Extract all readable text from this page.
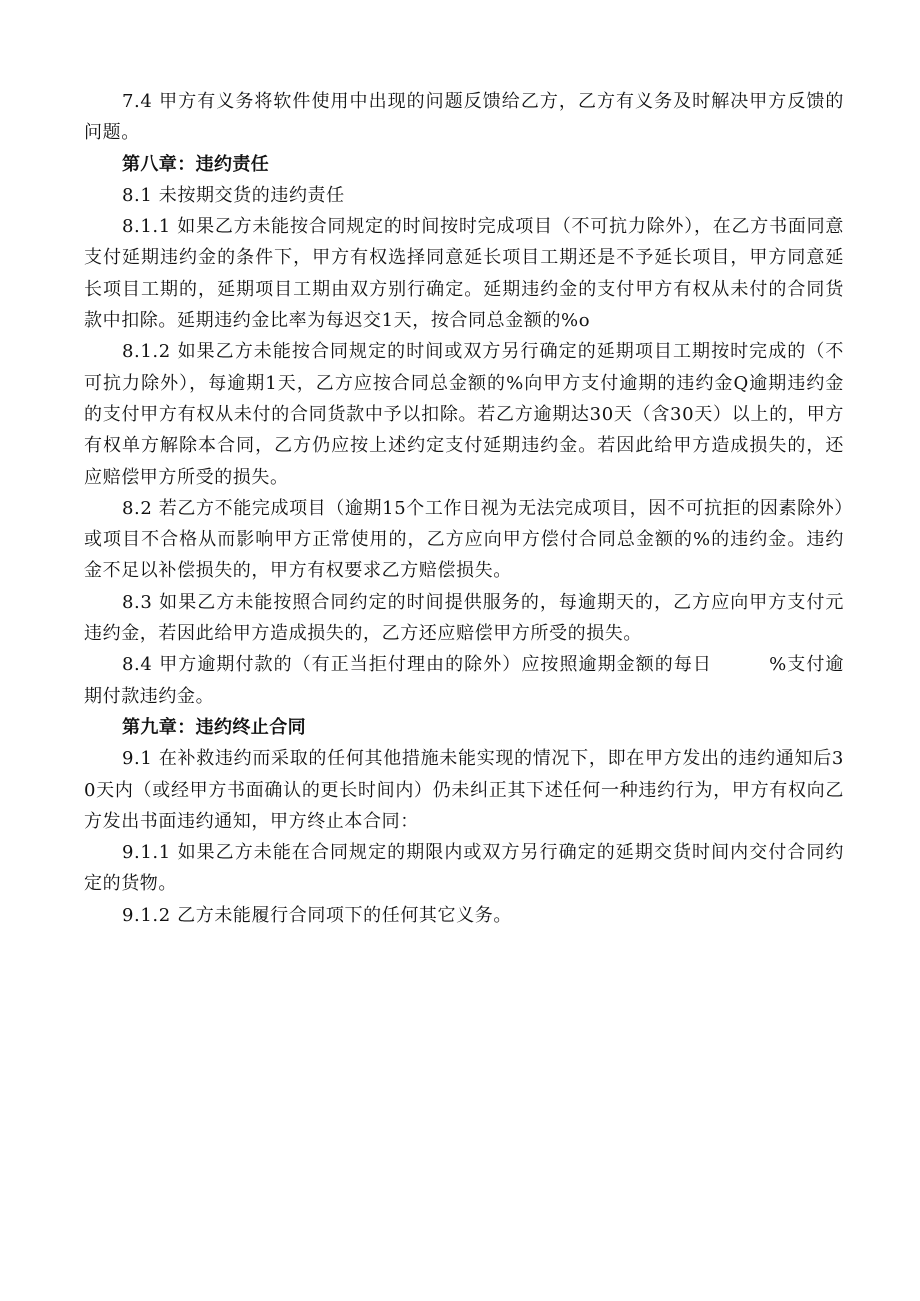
7.4 甲方有义务将软件使用中出现的问题反馈给乙方，乙方有义务及时解决甲方反馈的问题。

第八章：违约责任

8.1 未按期交货的违约责任

8.1.1 如果乙方未能按合同规定的时间按时完成项目（不可抗力除外），在乙方书面同意支付延期违约金的条件下，甲方有权选择同意延长项目工期还是不予延长项目，甲方同意延长项目工期的，延期项目工期由双方别行确定。延期违约金的支付甲方有权从未付的合同货款中扣除。延期违约金比率为每迟交1天，按合同总金额的%o

8.1.2 如果乙方未能按合同规定的时间或双方另行确定的延期项目工期按时完成的（不可抗力除外），每逾期1天，乙方应按合同总金额的%向甲方支付逾期的违约金Q逾期违约金的支付甲方有权从未付的合同货款中予以扣除。若乙方逾期达30天（含30天）以上的，甲方有权单方解除本合同，乙方仍应按上述约定支付延期违约金。若因此给甲方造成损失的，还应赔偿甲方所受的损失。

8.2 若乙方不能完成项目（逾期15个工作日视为无法完成项目，因不可抗拒的因素除外）或项目不合格从而影响甲方正常使用的，乙方应向甲方偿付合同总金额的%的违约金。违约金不足以补偿损失的，甲方有权要求乙方赔偿损失。

8.3 如果乙方未能按照合同约定的时间提供服务的，每逾期天的，乙方应向甲方支付元违约金，若因此给甲方造成损失的，乙方还应赔偿甲方所受的损失。

8.4 甲方逾期付款的（有正当拒付理由的除外）应按照逾期金额的每日　　　%支付逾期付款违约金。

第九章：违约终止合同

9.1 在补救违约而采取的任何其他措施未能实现的情况下，即在甲方发出的违约通知后30天内（或经甲方书面确认的更长时间内）仍未纠正其下述任何一种违约行为，甲方有权向乙方发出书面违约通知，甲方终止本合同：

9.1.1 如果乙方未能在合同规定的期限内或双方另行确定的延期交货时间内交付合同约定的货物。

9.1.2 乙方未能履行合同项下的任何其它义务。
